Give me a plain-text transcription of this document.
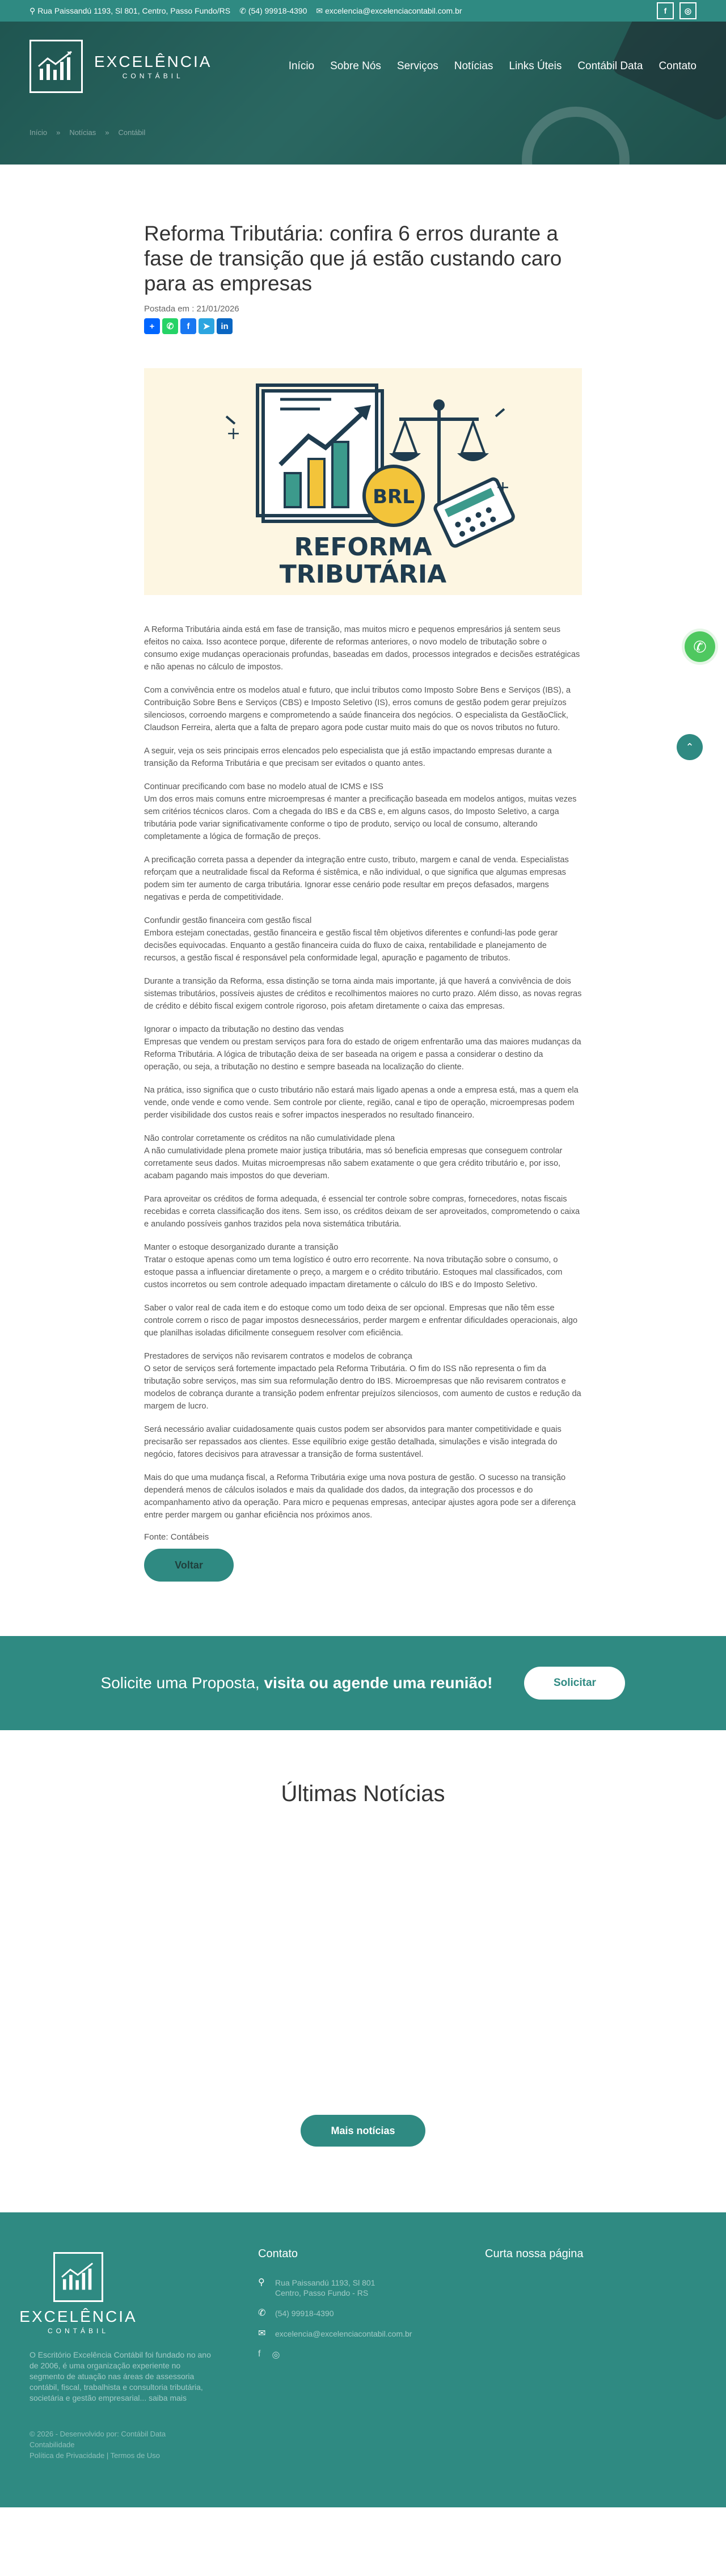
⚲ Rua Paissandú 1193, Sl 801, Centro, Passo Fundo/RS ✆ (54) 99918-4390 ✉ excelencia@excelenciacontabil.com.br	f	◎
EXCELÊNCIA
CONTÁBIL
Início Sobre Nós Serviços Notícias Links Úteis Contábil Data Contato
Início » Notícias » Contábil
Reforma Tributária: confira 6 erros durante a fase de transição que já estão custando caro para as empresas
Postada em : 21/01/2026
+	✆	f	➤	in
BRL
+
+
REFORMA
TRIBUTÁRIA

A Reforma Tributária ainda está em fase de transição, mas muitos micro e pequenos empresários já sentem seus efeitos no caixa. Isso acontece porque, diferente de reformas anteriores, o novo modelo de tributação sobre o consumo exige mudanças operacionais profundas, baseadas em dados, processos integrados e decisões estratégicas e não apenas no cálculo de impostos.

Com a convivência entre os modelos atual e futuro, que inclui tributos como Imposto Sobre Bens e Serviços (IBS), a Contribuição Sobre Bens e Serviços (CBS) e Imposto Seletivo (IS), erros comuns de gestão podem gerar prejuízos silenciosos, corroendo margens e comprometendo a saúde financeira dos negócios. O especialista da GestãoClick, Claudson Ferreira, alerta que a falta de preparo agora pode custar muito mais do que os novos tributos no futuro.

A seguir, veja os seis principais erros elencados pelo especialista que já estão impactando empresas durante a transição da Reforma Tributária e que precisam ser evitados o quanto antes.

Continuar precificando com base no modelo atual de ICMS e ISS
Um dos erros mais comuns entre microempresas é manter a precificação baseada em modelos antigos, muitas vezes sem critérios técnicos claros. Com a chegada do IBS e da CBS e, em alguns casos, do Imposto Seletivo, a carga tributária pode variar significativamente conforme o tipo de produto, serviço ou local de consumo, alterando completamente a lógica de formação de preços.

A precificação correta passa a depender da integração entre custo, tributo, margem e canal de venda. Especialistas reforçam que a neutralidade fiscal da Reforma é sistêmica, e não individual, o que significa que algumas empresas podem sim ter aumento de carga tributária. Ignorar esse cenário pode resultar em preços defasados, margens negativas e perda de competitividade.

Confundir gestão financeira com gestão fiscal
Embora estejam conectadas, gestão financeira e gestão fiscal têm objetivos diferentes e confundi-las pode gerar decisões equivocadas. Enquanto a gestão financeira cuida do fluxo de caixa, rentabilidade e planejamento de recursos, a gestão fiscal é responsável pela conformidade legal, apuração e pagamento de tributos.

Durante a transição da Reforma, essa distinção se torna ainda mais importante, já que haverá a convivência de dois sistemas tributários, possíveis ajustes de créditos e recolhimentos maiores no curto prazo. Além disso, as novas regras de crédito e débito fiscal exigem controle rigoroso, pois afetam diretamente o caixa das empresas.

Ignorar o impacto da tributação no destino das vendas
Empresas que vendem ou prestam serviços para fora do estado de origem enfrentarão uma das maiores mudanças da Reforma Tributária. A lógica de tributação deixa de ser baseada na origem e passa a considerar o destino da operação, ou seja, a tributação no destino e sempre baseada na localização do cliente.

Na prática, isso significa que o custo tributário não estará mais ligado apenas a onde a empresa está, mas a quem ela vende, onde vende e como vende. Sem controle por cliente, região, canal e tipo de operação, microempresas podem perder visibilidade dos custos reais e sofrer impactos inesperados no resultado financeiro.

Não controlar corretamente os créditos na não cumulatividade plena
A não cumulatividade plena promete maior justiça tributária, mas só beneficia empresas que conseguem controlar corretamente seus dados. Muitas microempresas não sabem exatamente o que gera crédito tributário e, por isso, acabam pagando mais impostos do que deveriam.

Para aproveitar os créditos de forma adequada, é essencial ter controle sobre compras, fornecedores, notas fiscais recebidas e correta classificação dos itens. Sem isso, os créditos deixam de ser aproveitados, comprometendo o caixa e anulando possíveis ganhos trazidos pela nova sistemática tributária.

Manter o estoque desorganizado durante a transição
Tratar o estoque apenas como um tema logístico é outro erro recorrente. Na nova tributação sobre o consumo, o estoque passa a influenciar diretamente o preço, a margem e o crédito tributário. Estoques mal classificados, com custos incorretos ou sem controle adequado impactam diretamente o cálculo do IBS e do Imposto Seletivo.

Saber o valor real de cada item e do estoque como um todo deixa de ser opcional. Empresas que não têm esse controle correm o risco de pagar impostos desnecessários, perder margem e enfrentar dificuldades operacionais, algo que planilhas isoladas dificilmente conseguem resolver com eficiência.

Prestadores de serviços não revisarem contratos e modelos de cobrança
O setor de serviços será fortemente impactado pela Reforma Tributária. O fim do ISS não representa o fim da tributação sobre serviços, mas sim sua reformulação dentro do IBS. Microempresas que não revisarem contratos e modelos de cobrança durante a transição podem enfrentar prejuízos silenciosos, com aumento de custos e redução da margem de lucro.

Será necessário avaliar cuidadosamente quais custos podem ser absorvidos para manter competitividade e quais precisarão ser repassados aos clientes. Esse equilíbrio exige gestão detalhada, simulações e visão integrada do negócio, fatores decisivos para atravessar a transição de forma sustentável.

Mais do que uma mudança fiscal, a Reforma Tributária exige uma nova postura de gestão. O sucesso na transição dependerá menos de cálculos isolados e mais da qualidade dos dados, da integração dos processos e do acompanhamento ativo da operação. Para micro e pequenas empresas, antecipar ajustes agora pode ser a diferença entre perder margem ou ganhar eficiência nos próximos anos.

Fonte: Contábeis
Voltar
Solicite uma Proposta, visita ou agende uma reunião!	Solicitar
Últimas Notícias
Mais notícias
EXCELÊNCIA
CONTÁBIL
O Escritório Excelência Contábil foi fundado no ano de 2006, é uma organização experiente no segmento de atuação nas áreas de assessoria contábil, fiscal, trabalhista e consultoria tributária, societária e gestão empresarial... saiba mais
© 2026 - Desenvolvido por: Contábil Data Contabilidade
Política de Privacidade | Termos de Uso
Contato
⚲	Rua Paissandú 1193, Sl 801
Centro, Passo Fundo - RS
✆	(54) 99918-4390
✉	excelencia@excelenciacontabil.com.br
f ◎
Curta nossa página
✆
⌃
